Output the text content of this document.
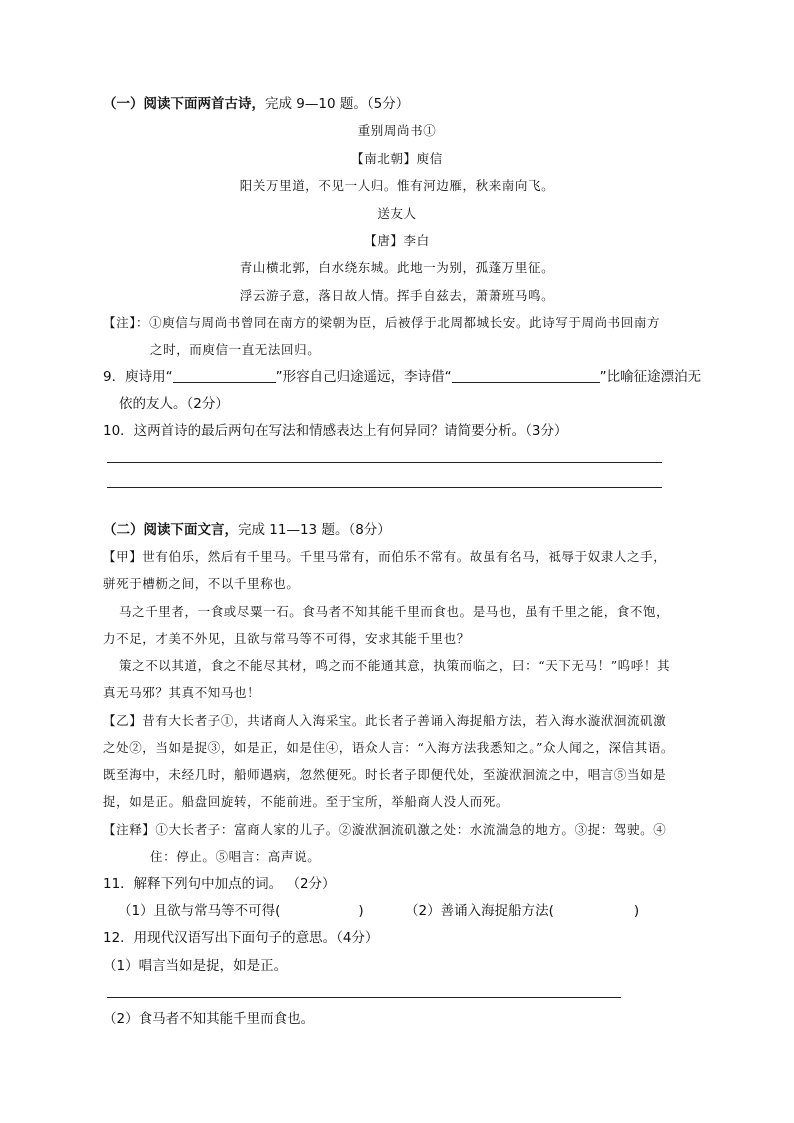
（一）阅读下面两首古诗，完成 9—10 题。（5分）
重别周尚书①
【南北朝】庾信
阳关万里道，不见一人归。惟有河边雁，秋来南向飞。
送友人
【唐】李白
青山横北郭，白水绕东城。此地一为别，孤蓬万里征。
浮云游子意，落日故人情。挥手自兹去，萧萧班马鸣。
【注】：①庾信与周尚书曾同在南方的梁朝为臣，后被俘于北周都城长安。此诗写于周尚书回南方
之时，而庾信一直无法回归。
9．庾诗用“	”形容自己归途遥远，李诗借“	”比喻征途漂泊无
依的友人。（2分）
10．这两首诗的最后两句在写法和情感表达上有何异同？请简要分析。（3分）
（二）阅读下面文言，完成 11—13 题。（8分）
【甲】世有伯乐，然后有千里马。千里马常有，而伯乐不常有。故虽有名马，祗辱于奴隶人之手，
骈死于槽枥之间，不以千里称也。
马之千里者，一食或尽粟一石。食马者不知其能千里而食也。是马也，虽有千里之能，食不饱，
力不足，才美不外见，且欲与常马等不可得，安求其能千里也？
策之不以其道，食之不能尽其材，鸣之而不能通其意，执策而临之，曰：“天下无马！”呜呼！其
真无马邪？其真不知马也！
【乙】昔有大长者子①，共诸商人入海采宝。此长者子善诵入海捉船方法，若入海水漩洑洄流矶激
之处②，当如是捉③，如是正，如是住④，语众人言：“入海方法我悉知之。”众人闻之，深信其语。
既至海中，未经几时，船师遇病，忽然便死。时长者子即便代处，至漩洑洄流之中，唱言⑤当如是
捉，如是正。船盘回旋转，不能前进。至于宝所，举船商人没人而死。
【注释】①大长者子：富商人家的儿子。②漩洑洄流矶激之处：水流湍急的地方。③捉：驾驶。④
住：停止。⑤唱言：高声说。
11．解释下列句中加点的词。 （2分）
（1）且欲与常马等不可得(	)	（2）善诵入海捉船方法(	)
12．用现代汉语写出下面句子的意思。（4分）
（1）唱言当如是捉，如是正。
（2）食马者不知其能千里而食也。
